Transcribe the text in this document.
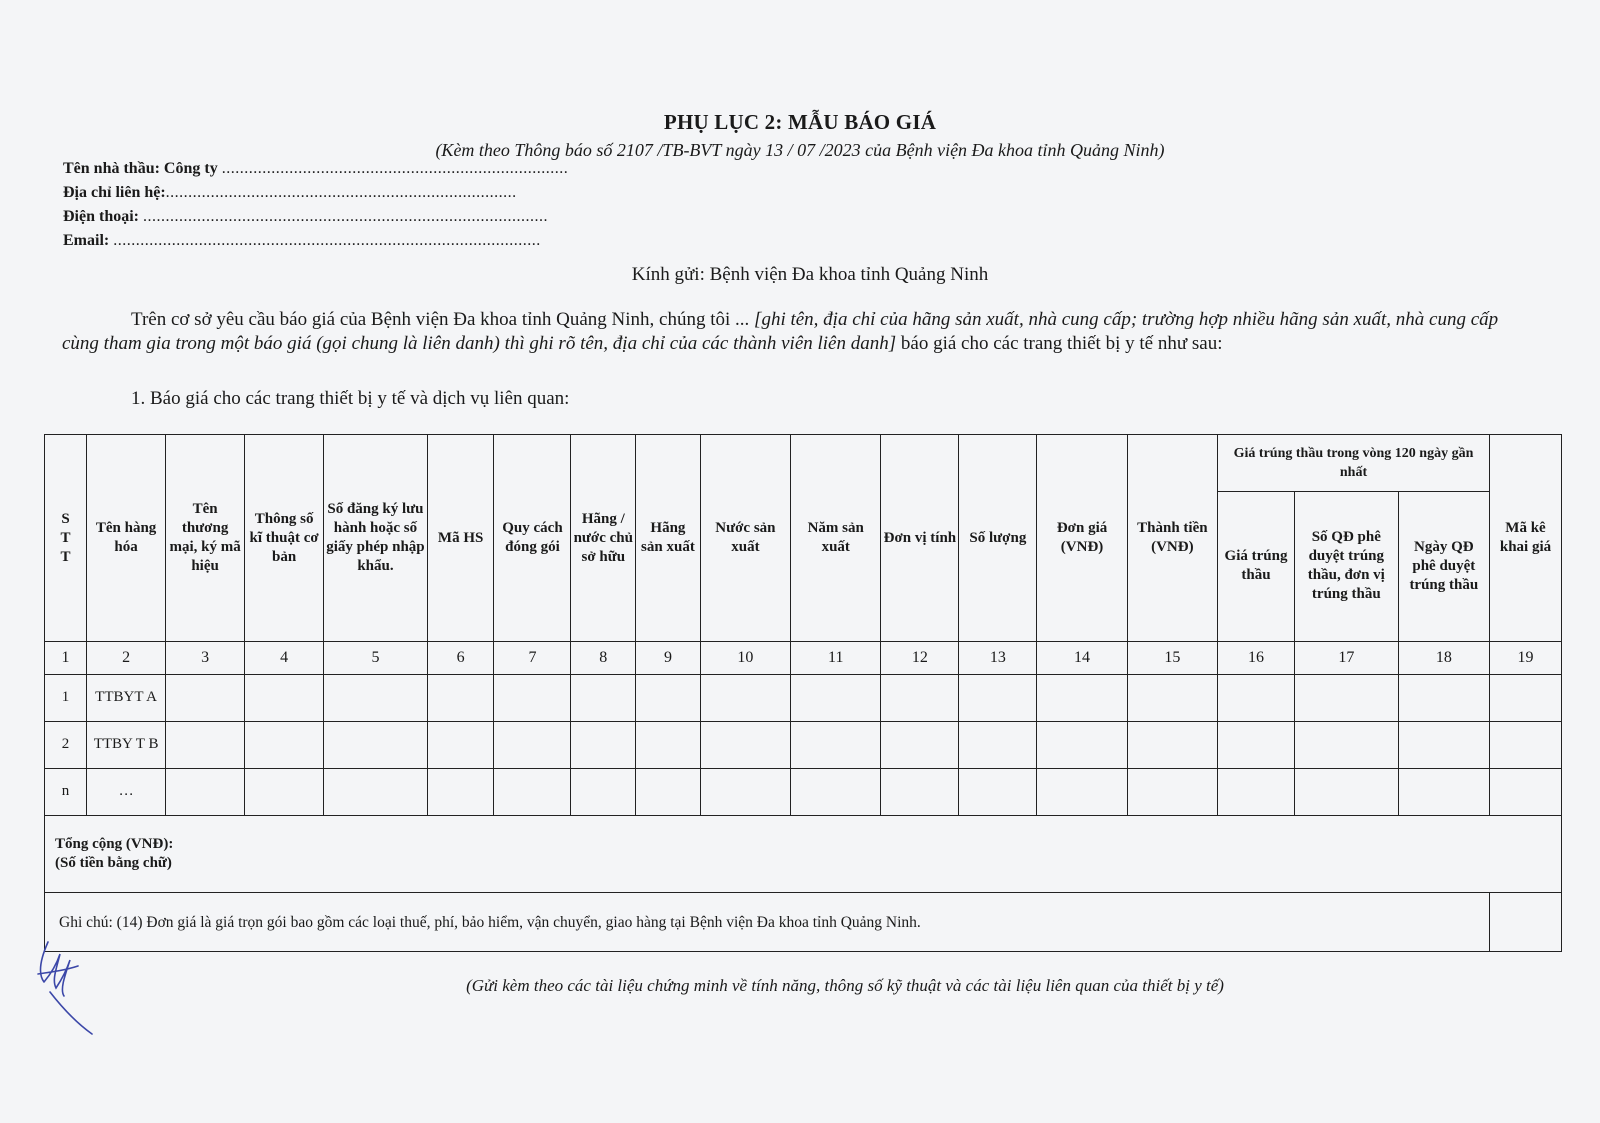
PHỤ LỤC 2: MẪU BÁO GIÁ
(Kèm theo Thông báo số 2107 /TB-BVT ngày 13 / 07 /2023 của Bệnh viện Đa khoa tỉnh Quảng Ninh)
Tên nhà thầu: Công ty .............................................................................
Địa chỉ liên hệ:..............................................................................
Điện thoại: ..........................................................................................
Email: ...............................................................................................
Kính gửi: Bệnh viện Đa khoa tỉnh Quảng Ninh
Trên cơ sở yêu cầu báo giá của Bệnh viện Đa khoa tỉnh Quảng Ninh, chúng tôi ... [ghi tên, địa chỉ của hãng sản xuất, nhà cung cấp; trường hợp nhiều hãng sản xuất, nhà cung cấp cùng tham gia trong một báo giá (gọi chung là liên danh) thì ghi rõ tên, địa chỉ của các thành viên liên danh] báo giá cho các trang thiết bị y tế như sau:
1. Báo giá cho các trang thiết bị y tế và dịch vụ liên quan:
S T T	Tên hàng hóa	Tên thương mại, ký mã hiệu	Thông số kĩ thuật cơ bản	Số đăng ký lưu hành hoặc số giấy phép nhập khẩu.	Mã HS	Quy cách đóng gói	Hãng / nước chủ sở hữu	Hãng sản xuất	Nước sản xuất	Năm sản xuất	Đơn vị tính	Số lượng	Đơn giá (VNĐ)	Thành tiền (VNĐ)	Giá trúng thầu trong vòng 120 ngày gần nhất			Mã kê khai giá
															Giá trúng thầu	Số QĐ phê duyệt trúng thầu, đơn vị trúng thầu	Ngày QĐ phê duyệt trúng thầu	
1	2	3	4	5	6	7	8	9	10	11	12	13	14	15	16	17	18	19
1	TTBYT A																	
2	TTBY T B																	
n	…																	

Tổng cộng (VNĐ):
(Số tiền bằng chữ)																		

Ghi chú: (14) Đơn giá là giá trọn gói bao gồm các loại thuế, phí, bảo hiểm, vận chuyển, giao hàng tại Bệnh viện Đa khoa tỉnh Quảng Ninh.																		
(Gửi kèm theo các tài liệu chứng minh về tính năng, thông số kỹ thuật và các tài liệu liên quan của thiết bị y tế)
